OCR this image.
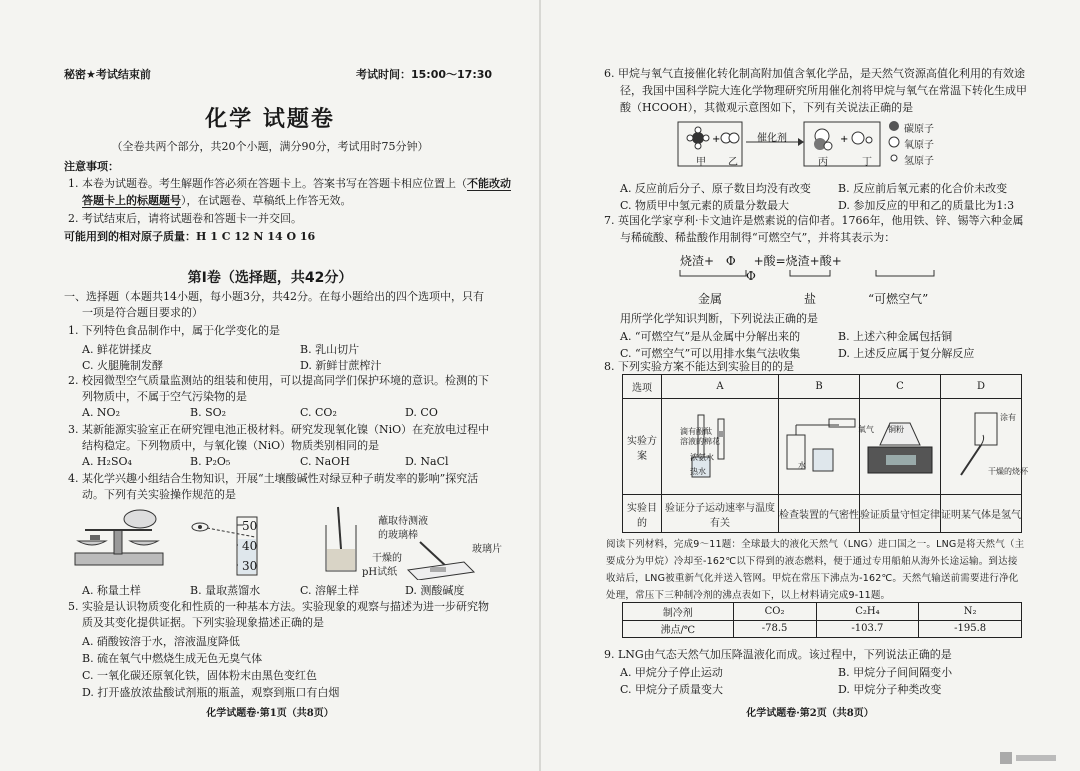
秘密★考试结束前	考试时间：15:00～17:30
化学 试题卷
（全卷共两个部分，共20个小题，满分90分，考试用时75分钟）
注意事项：
1. 本卷为试题卷。考生解题作答必须在答题卡上。答案书写在答题卡相应位置上（不能改动
答题卡上的标题题号），在试题卷、草稿纸上作答无效。
2. 考试结束后，请将试题卷和答题卡一并交回。
可能用到的相对原子质量：H 1 C 12 N 14 O 16
第Ⅰ卷（选择题，共42分）
一、选择题（本题共14小题，每小题3分，共42分。在每小题给出的四个选项中，只有
一项是符合题目要求的）
1. 下列特色食品制作中，属于化学变化的是
A. 鲜花饼揉皮	B. 乳山切片
C. 火腿腌制发酵	D. 新鲜甘蔗榨汁
2. 校园微型空气质量监测站的组装和使用，可以提高同学们保护环境的意识。检测的下
列物质中，不属于空气污染物的是
A. NO₂	B. SO₂	C. CO₂	D. CO
3. 某新能源实验室正在研究锂电池正极材料。研究发现氧化镍（NiO）在充放电过程中
结构稳定。下列物质中，与氧化镍（NiO）物质类别相同的是
A. H₂SO₄	B. P₂O₅	C. NaOH	D. NaCl
4. 某化学兴趣小组结合生物知识，开展“土壤酸碱性对绿豆种子萌发率的影响”探究活
动。下列有关实验操作规范的是
50
40
30
蘸取待测液
的玻璃棒
玻璃片
干燥的
pH试纸
A. 称量土样	B. 量取蒸馏水	C. 溶解土样	D. 测酸碱度
5. 实验是认识物质变化和性质的一种基本方法。实验现象的观察与描述为进一步研究物
质及其变化提供证据。下列实验现象描述正确的是
A. 硝酸铵溶于水，溶液温度降低
B. 硫在氧气中燃烧生成无色无臭气体
C. 一氧化碳还原氧化铁，固体粉末由黑色变红色
D. 打开盛放浓盐酸试剂瓶的瓶盖，观察到瓶口有白烟
化学试题卷·第1页（共8页）
6. 甲烷与氧气直接催化转化制高附加值含氧化学品，是天然气资源高值化利用的有效途
径，我国中国科学院大连化学物理研究所用催化剂将甲烷与氧气在常温下转化生成甲
酸（HCOOH），其微观示意图如下，下列有关说法正确的是
+	+
催化剂
甲 乙	丙	丁
碳原子
氧原子
氢原子
A. 反应前后分子、原子数目均没有改变 B. 反应前后氧元素的化合价未改变
C. 物质甲中氢元素的质量分数最大	D. 参加反应的甲和乙的质量比为1:3
7. 英国化学家亨利·卡文迪许是燃素说的信仰者。1766年，他用铁、锌、锡等六种金属
与稀硫酸、稀盐酸作用制得“可燃空气”，并将其表示为：
烧渣+ Φ +酸=烧渣+酸+ Φ
金属	盐	“可燃空气”
用所学化学知识判断，下列说法正确的是
A. “可燃空气”是从金属中分解出来的	B. 上述六种金属包括铜
C. “可燃空气”可以用排水集气法收集	D. 上述反应属于复分解反应
8. 下列实验方案不能达到实验目的的是
选项	A	B	C	D
实验方案				
实验目的	验证分子运动速率与温度有关	检查装置的气密性	验证质量守恒定律	证明某气体是氢气
滴有酚酞
溶液的棉花
浓氨水
热水
水
氧气 铜粉
涂有
干燥的烧杯
阅读下列材料，完成9～11题：全球最大的液化天然气（LNG）进口国之一。LNG是将天然气（主要成分为甲烷）冷却至-162℃以下得到的液态燃料，便于通过专用船舶从海外长途运输。到达接收站后，LNG被重新气化并送入管网。甲烷在常压下沸点为-162℃。天然气输送前需要进行净化处理，常压下三种制冷剂的沸点表如下，以上材料请完成9-11题。
制冷剂	CO₂	C₂H₄	N₂
沸点/℃	-78.5	-103.7	-195.8
9. LNG由气态天然气加压降温液化而成。该过程中，下列说法正确的是
A. 甲烷分子停止运动	B. 甲烷分子间间隔变小
C. 甲烷分子质量变大	D. 甲烷分子种类改变
化学试题卷·第2页（共8页）
